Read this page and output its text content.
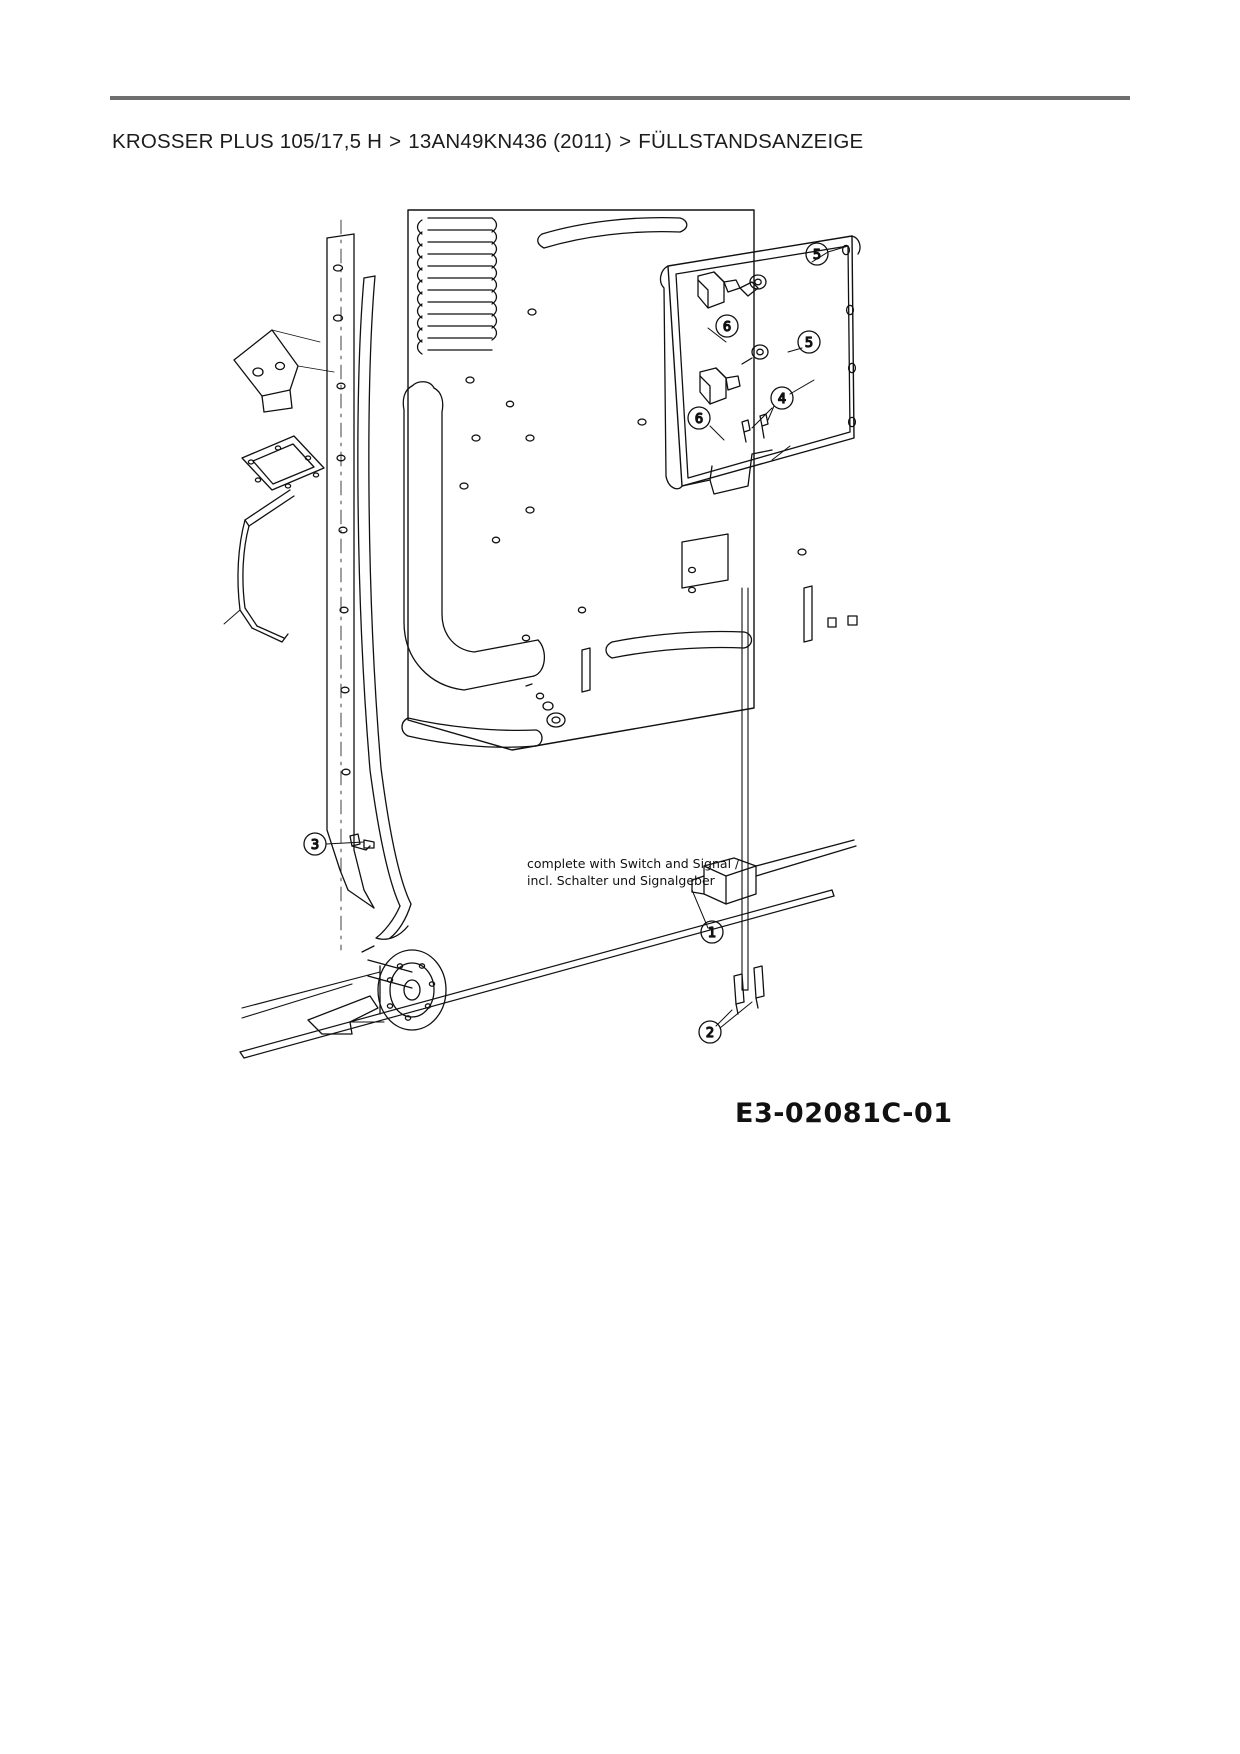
KROSSER PLUS 105/17,5 H > 13AN49KN436 (2011) > FÜLLSTANDSANZEIGE
1
2
3
4
5
5
6
6
complete with Switch and Signal /
incl. Schalter und Signalgeber
E3-02081C-01
